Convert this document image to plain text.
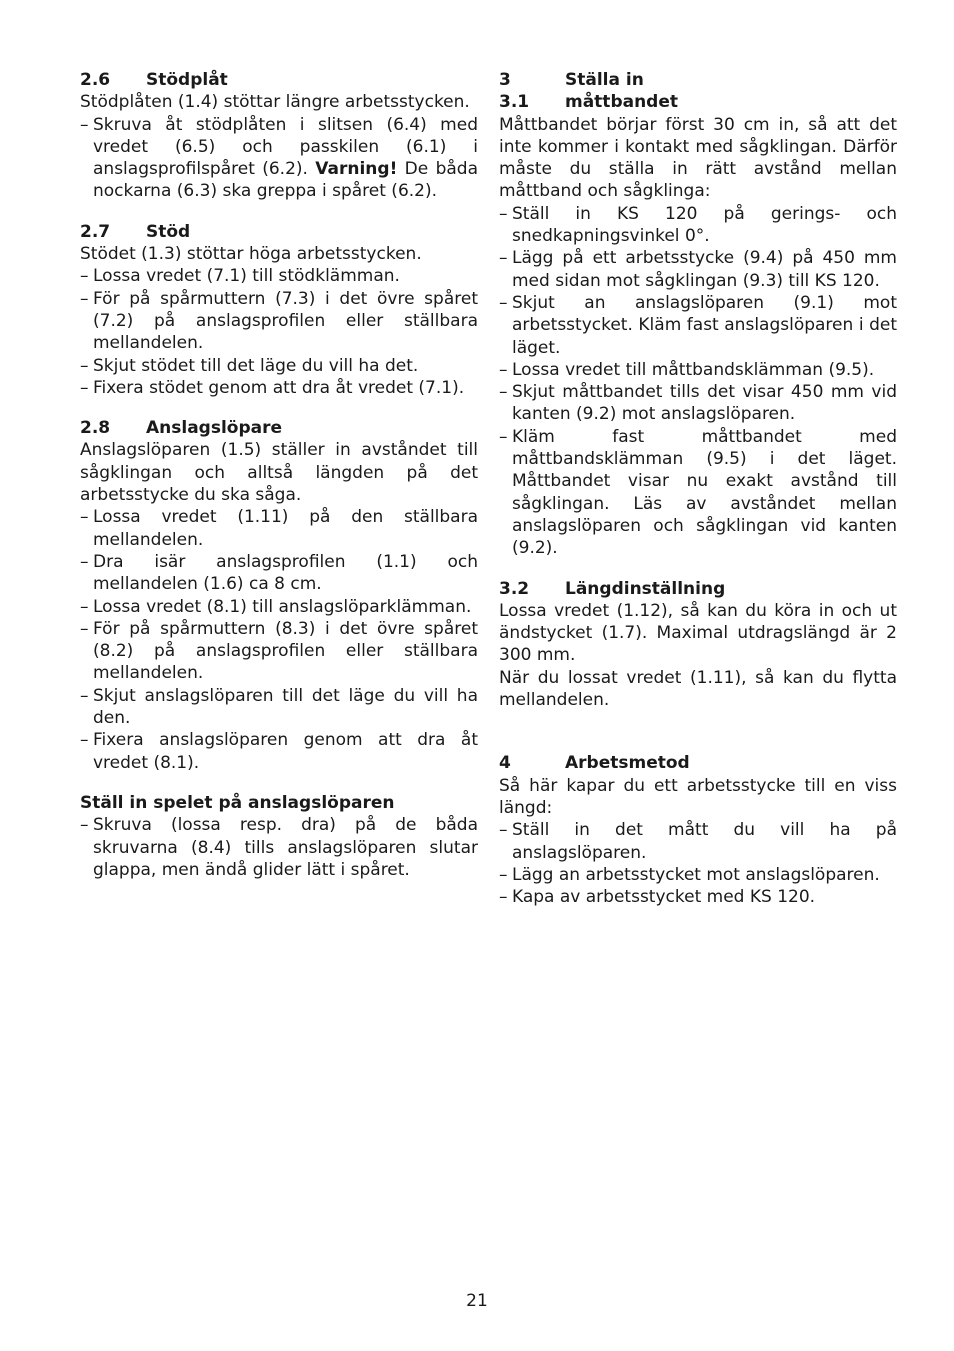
2.6 Stödplåt

Stödplåten (1.4) stöttar längre arbetsstycken.

– Skruva åt stödplåten i slitsen (6.4) med vredet (6.5) och passkilen (6.1) i anslagsprofilspåret (6.2). Varning! De båda nockarna (6.3) ska greppa i spåret (6.2).

2.7 Stöd

Stödet (1.3) stöttar höga arbetsstycken.

– Lossa vredet (7.1) till stödklämman.
– För på spårmuttern (7.3) i det övre spåret (7.2) på anslagsprofilen eller ställbara mellandelen.
– Skjut stödet till det läge du vill ha det.
– Fixera stödet genom att dra åt vredet (7.1).

2.8 Anslagslöpare

Anslagslöparen (1.5) ställer in avståndet till sågklingan och alltså längden på det arbetsstycke du ska såga.

– Lossa vredet (1.11) på den ställbara mellandelen.
– Dra isär anslagsprofilen (1.1) och mellandelen (1.6) ca 8 cm.
– Lossa vredet (8.1) till anslagslöparklämman.
– För på spårmuttern (8.3) i det övre spåret (8.2) på anslagsprofilen eller ställbara mellandelen.
– Skjut anslagslöparen till det läge du vill ha den.
– Fixera anslagslöparen genom att dra åt vredet (8.1).

Ställ in spelet på anslagslöparen

– Skruva (lossa resp. dra) på de båda skruvarna (8.4) tills anslagslöparen slutar glappa, men ändå glider lätt i spåret.

3	Ställa in

3.1 måttbandet

Måttbandet börjar först 30 cm in, så att det inte kommer i kontakt med sågklingan. Därför måste du ställa in rätt avstånd mellan måttband och sågklinga:

– Ställ in KS 120 på gerings- och snedkapningsvinkel 0°.
– Lägg på ett arbetsstycke (9.4) på 450 mm med sidan mot sågklingan (9.3) till KS 120.
– Skjut an anslagslöparen (9.1) mot arbetsstycket. Kläm fast anslagslöparen i det läget.
– Lossa vredet till måttbandsklämman (9.5).
– Skjut måttbandet tills det visar 450 mm vid kanten (9.2) mot anslagslöparen.
– Kläm fast måttbandet med måttbandsklämman (9.5) i det läget. Måttbandet visar nu exakt avstånd till sågklingan. Läs av avståndet mellan anslagslöparen och sågklingan vid kanten (9.2).

3.2 Längdinställning

Lossa vredet (1.12), så kan du köra in och ut ändstycket (1.7). Maximal utdragslängd är 2 300 mm.

När du lossat vredet (1.11), så kan du flytta mellandelen.

4	Arbetsmetod

Så här kapar du ett arbetsstycke till en viss längd:

– Ställ in det mått du vill ha på anslagslöparen.
– Lägg an arbetsstycket mot anslagslöparen.
– Kapa av arbetsstycket med KS 120.
21
